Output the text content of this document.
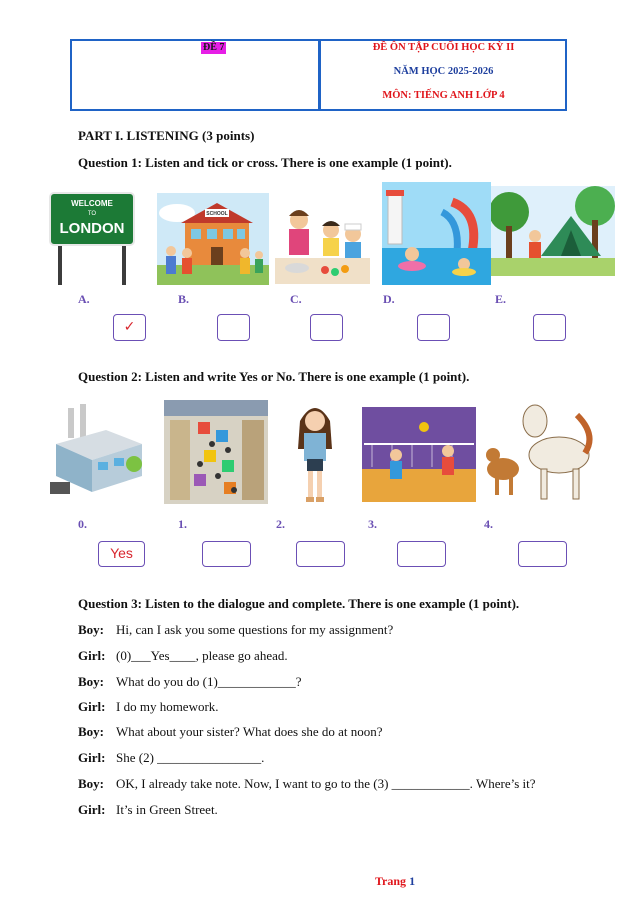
ĐỀ 7	ĐỀ ÔN TẬP CUỐI HỌC KỲ II
NĂM HỌC 2025-2026
MÔN: TIẾNG ANH LỚP 4
PART I. LISTENING (3 points)
Question 1: Listen and tick or cross. There is one example (1 point).
WELCOME
TO
LONDON
SCHOOL
A.	B.	C.	D.	E.
✓
Question 2: Listen and write Yes or No. There is one example (1 point).
0.	1.	2.	3.	4.
Yes
Question 3: Listen to the dialogue and complete. There is one example (1 point).
Boy: Hi, can I ask you some questions for my assignment?
Girl: (0)___Yes____, please go ahead.
Boy: What do you do (1)____________?
Girl: I do my homework.
Boy: What about your sister? What does she do at noon?
Girl: She (2) ________________.
Boy: OK, I already take note. Now, I want to go to the (3) ____________. Where’s it?
Girl: It’s in Green Street.
Trang 1
